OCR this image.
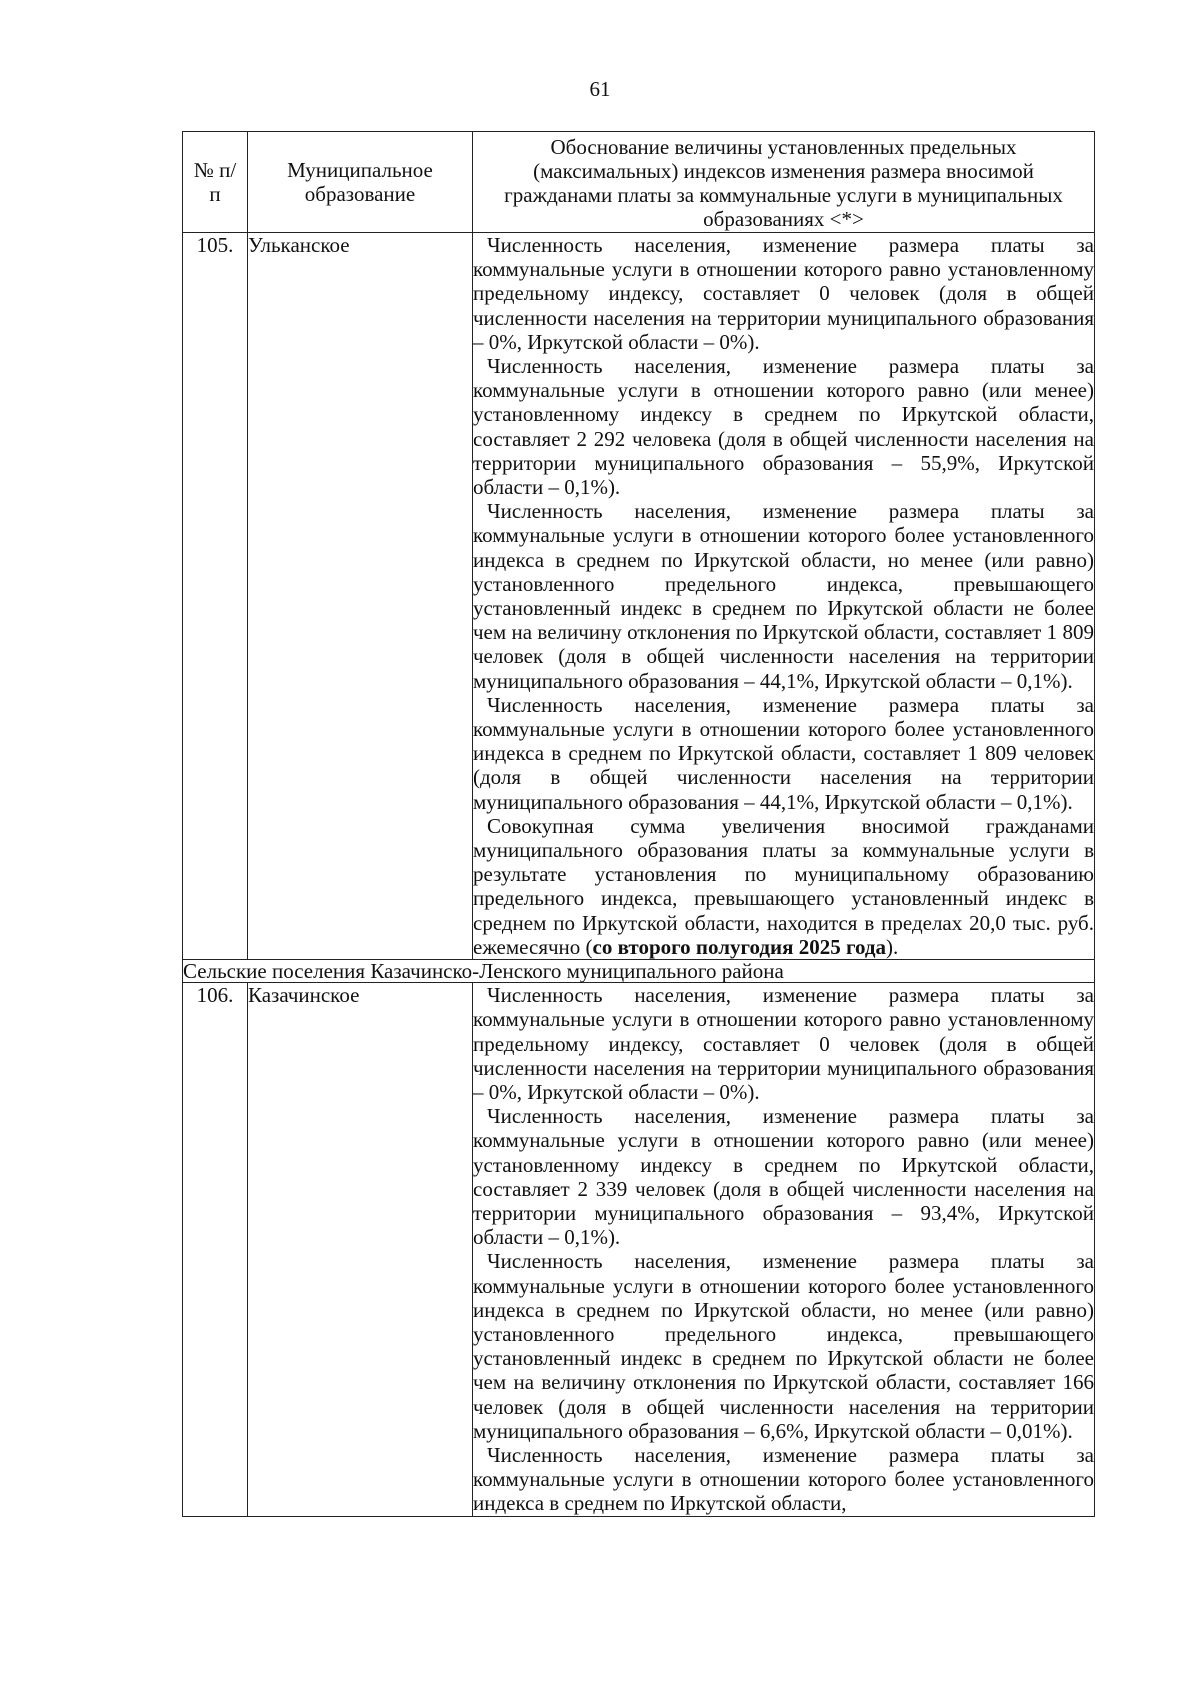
61
№ п/п	Муниципальное образование	Обоснование величины установленных предельных (максимальных) индексов изменения размера вносимой гражданами платы за коммунальные услуги в муниципальных образованиях <*>

105.	Ульканское	Численность населения, изменение размера платы за коммунальные услуги в отношении которого равно установленному предельному индексу, составляет 0 человек (доля в общей численности населения на территории муниципального образования – 0%, Иркутской области – 0%).

Численность населения, изменение размера платы за коммунальные услуги в отношении которого равно (или менее) установленному индексу в среднем по Иркутской области, составляет 2 292 человека (доля в общей численности населения на территории муниципального образования – 55,9%, Иркутской области – 0,1%).

Численность населения, изменение размера платы за коммунальные услуги в отношении которого более установленного индекса в среднем по Иркутской области, но менее (или равно) установленного предельного индекса, превышающего установленный индекс в среднем по Иркутской области не более чем на величину отклонения по Иркутской области, составляет 1 809 человек (доля в общей численности населения на территории муниципального образования – 44,1%, Иркутской области – 0,1%).

Численность населения, изменение размера платы за коммунальные услуги в отношении которого более установленного индекса в среднем по Иркутской области, составляет 1 809 человек (доля в общей численности населения на территории муниципального образования – 44,1%, Иркутской области – 0,1%).

Совокупная сумма увеличения вносимой гражданами муниципального образования платы за коммунальные услуги в результате установления по муниципальному образованию предельного индекса, превышающего установленный индекс в среднем по Иркутской области, находится в пределах 20,0 тыс. руб. ежемесячно (со второго полугодия 2025 года).

Сельские поселения Казачинско-Ленского муниципального района		
106.	Казачинское	Численность населения, изменение размера платы за коммунальные услуги в отношении которого равно установленному предельному индексу, составляет 0 человек (доля в общей численности населения на территории муниципального образования – 0%, Иркутской области – 0%).

Численность населения, изменение размера платы за коммунальные услуги в отношении которого равно (или менее) установленному индексу в среднем по Иркутской области, составляет 2 339 человек (доля в общей численности населения на территории муниципального образования – 93,4%, Иркутской области – 0,1%).

Численность населения, изменение размера платы за коммунальные услуги в отношении которого более установленного индекса в среднем по Иркутской области, но менее (или равно) установленного предельного индекса, превышающего установленный индекс в среднем по Иркутской области не более чем на величину отклонения по Иркутской области, составляет 166 человек (доля в общей численности населения на территории муниципального образования – 6,6%, Иркутской области – 0,01%).

Численность населения, изменение размера платы за коммунальные услуги в отношении которого более установленного индекса в среднем по Иркутской области,
